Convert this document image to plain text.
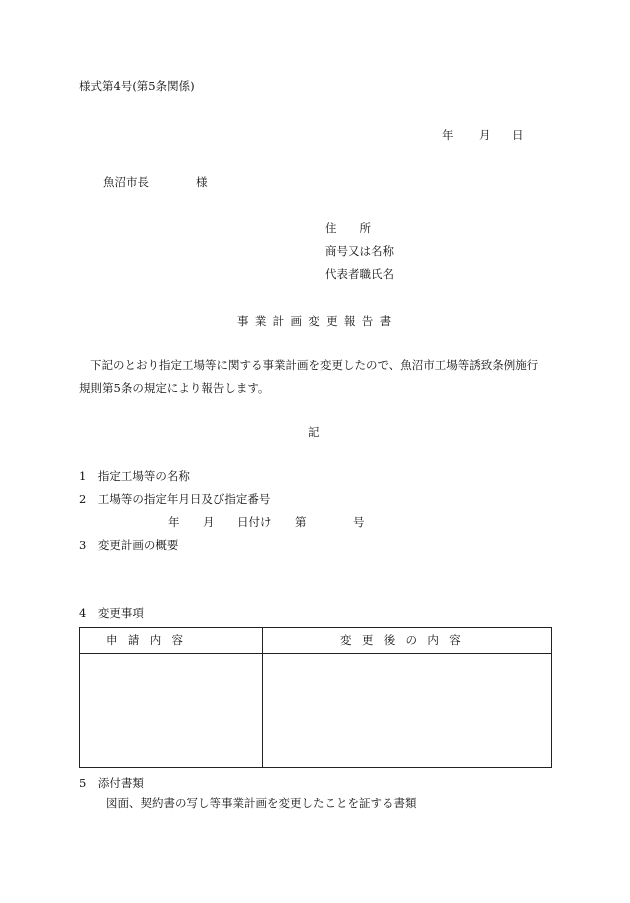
様式第4号(第5条関係)
年 月 日
魚沼市長	様
住　　所
商号又は名称
代表者職氏名
事業計画変更報告書
下記のとおり指定工場等に関する事業計画を変更したので、魚沼市工場等誘致条例施行
規則第5条の規定により報告します。
記
1　指定工場等の名称
2　工場等の指定年月日及び指定番号
年 月 日付け 第	号
3　変更計画の概要
4　変更事項
申請内容	変更後の内容
5　添付書類
図面、契約書の写し等事業計画を変更したことを証する書類
